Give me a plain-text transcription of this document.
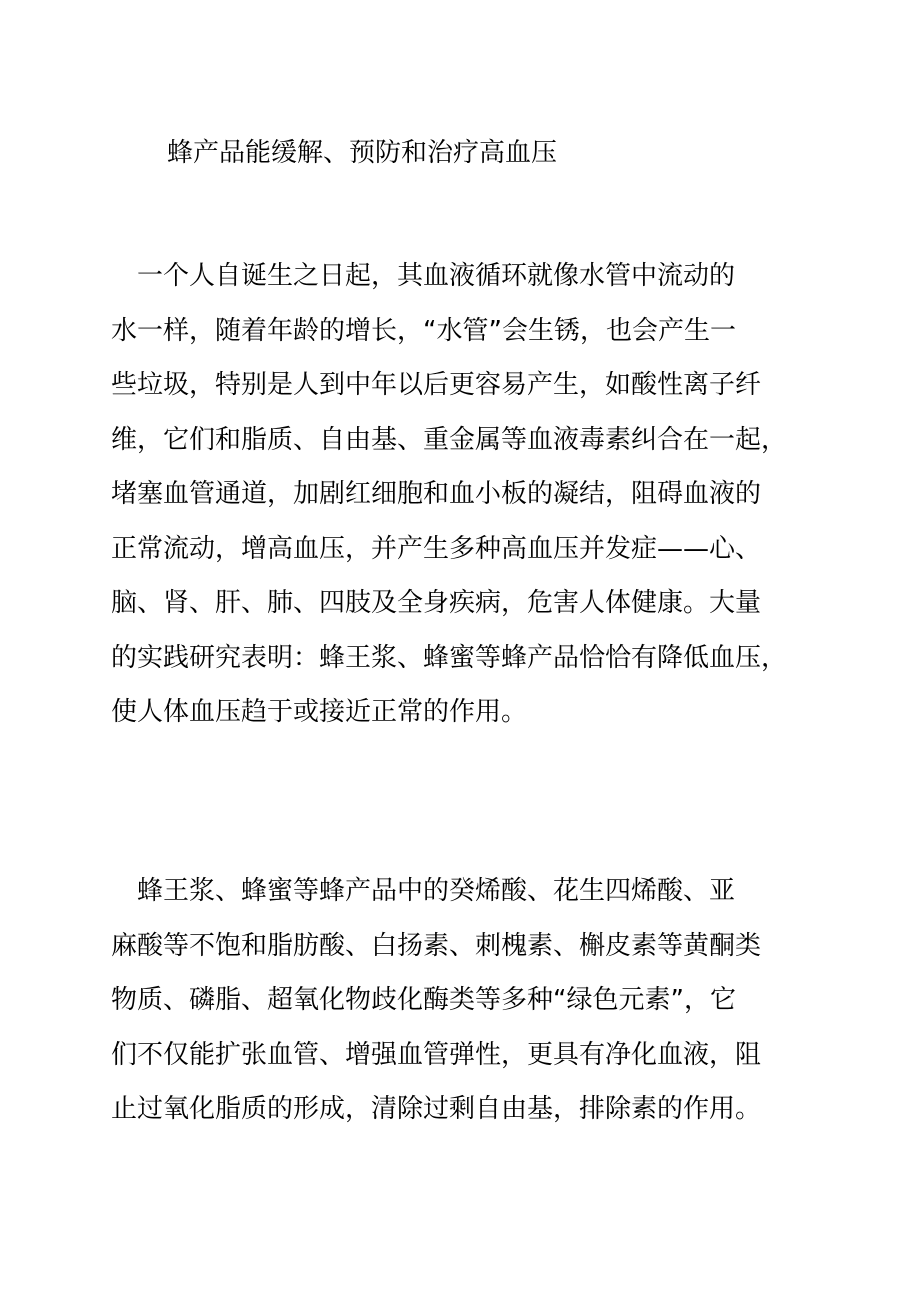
蜂产品能缓解、预防和治疗高血压
　一个人自诞生之日起，其血液循环就像水管中流动的
水一样，随着年龄的增长，“水管”会生锈，也会产生一
些垃圾，特别是人到中年以后更容易产生，如酸性离子纤
维，它们和脂质、自由基、重金属等血液毒素纠合在一起，
堵塞血管通道，加剧红细胞和血小板的凝结，阻碍血液的
正常流动，增高血压，并产生多种高血压并发症——心、
脑、肾、肝、肺、四肢及全身疾病，危害人体健康。大量
的实践研究表明：蜂王浆、蜂蜜等蜂产品恰恰有降低血压，
使人体血压趋于或接近正常的作用。
　蜂王浆、蜂蜜等蜂产品中的癸烯酸、花生四烯酸、亚
麻酸等不饱和脂肪酸、白扬素、刺槐素、槲皮素等黄酮类
物质、磷脂、超氧化物歧化酶类等多种“绿色元素”，它
们不仅能扩张血管、增强血管弹性，更具有净化血液，阻
止过氧化脂质的形成，清除过剩自由基，排除素的作用。
